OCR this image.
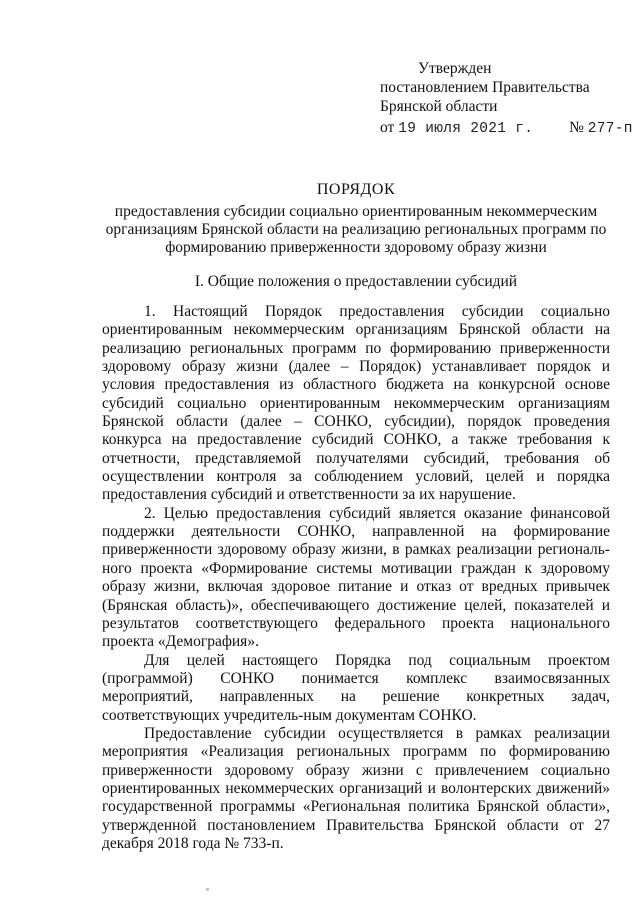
Утвержден
постановлением Правительства
Брянской области
от 19 июля 2021 г. № 277-п
ПОРЯДОК
предоставления субсидии социально ориентированным некоммерческим организациям Брянской области на реализацию региональных программ по формированию приверженности здоровому образу жизни
I. Общие положения о предоставлении субсидий

1. Настоящий Порядок предоставления субсидии социально ориентированным некоммерческим организациям Брянской области на реализацию региональных программ по формированию приверженности здоровому образу жизни (далее – Порядок) устанавливает порядок и условия предоставления из областного бюджета на конкурсной основе субсидий социально ориентированным некоммерческим организациям Брянской области (далее – СОНКО, субсидии), порядок проведения конкурса на предоставление субсидий СОНКО, а также требования к отчетности, представляемой получателями субсидий, требования об осуществлении контроля за соблюдением условий, целей и порядка предоставления субсидий и ответственности за их нарушение.

2. Целью предоставления субсидий является оказание финансовой поддержки деятельности СОНКО, направленной на формирование приверженности здоровому образу жизни, в рамках реализации региональ-ного проекта «Формирование системы мотивации граждан к здоровому образу жизни, включая здоровое питание и отказ от вредных привычек (Брянская область)», обеспечивающего достижение целей, показателей и результатов соответствующего федерального проекта национального проекта «Демография».

Для целей настоящего Порядка под социальным проектом (программой) СОНКО понимается комплекс взаимосвязанных мероприятий, направленных на решение конкретных задач, соответствующих учредитель-ным документам СОНКО.

Предоставление субсидии осуществляется в рамках реализации мероприятия «Реализация региональных программ по формированию приверженности здоровому образу жизни с привлечением социально ориентированных некоммерческих организаций и волонтерских движений» государственной программы «Региональная политика Брянской области», утвержденной постановлением Правительства Брянской области от 27 декабря 2018 года № 733-п.
